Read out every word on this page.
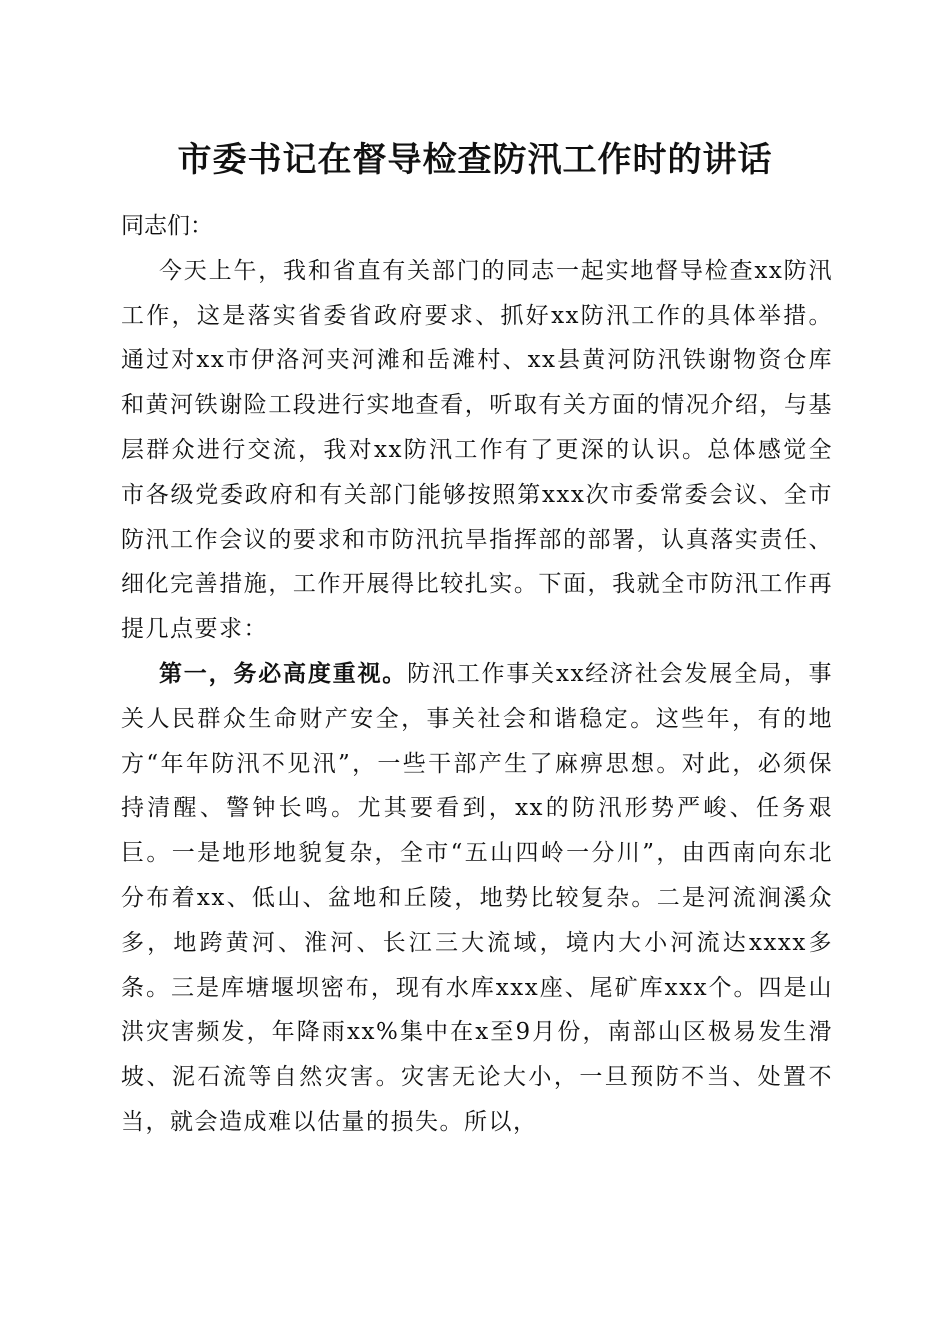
市委书记在督导检查防汛工作时的讲话

同志们：

今天上午，我和省直有关部门的同志一起实地督导检查xx防汛工作，这是落实省委省政府要求、抓好xx防汛工作的具体举措。通过对xx市伊洛河夹河滩和岳滩村、xx县黄河防汛铁谢物资仓库和黄河铁谢险工段进行实地查看，听取有关方面的情况介绍，与基层群众进行交流，我对xx防汛工作有了更深的认识。总体感觉全市各级党委政府和有关部门能够按照第xxx次市委常委会议、全市防汛工作会议的要求和市防汛抗旱指挥部的部署，认真落实责任、细化完善措施，工作开展得比较扎实。下面，我就全市防汛工作再提几点要求：

第一，务必高度重视。防汛工作事关xx经济社会发展全局，事关人民群众生命财产安全，事关社会和谐稳定。这些年，有的地方“年年防汛不见汛”，一些干部产生了麻痹思想。对此，必须保持清醒、警钟长鸣。尤其要看到，xx的防汛形势严峻、任务艰巨。一是地形地貌复杂，全市“五山四岭一分川”，由西南向东北分布着xx、低山、盆地和丘陵，地势比较复杂。二是河流涧溪众多，地跨黄河、淮河、长江三大流域，境内大小河流达xxxx多条。三是库塘堰坝密布，现有水库xxx座、尾矿库xxx个。四是山洪灾害频发，年降雨xx%集中在x至9月份，南部山区极易发生滑坡、泥石流等自然灾害。灾害无论大小，一旦预防不当、处置不当，就会造成难以估量的损失。所以，
